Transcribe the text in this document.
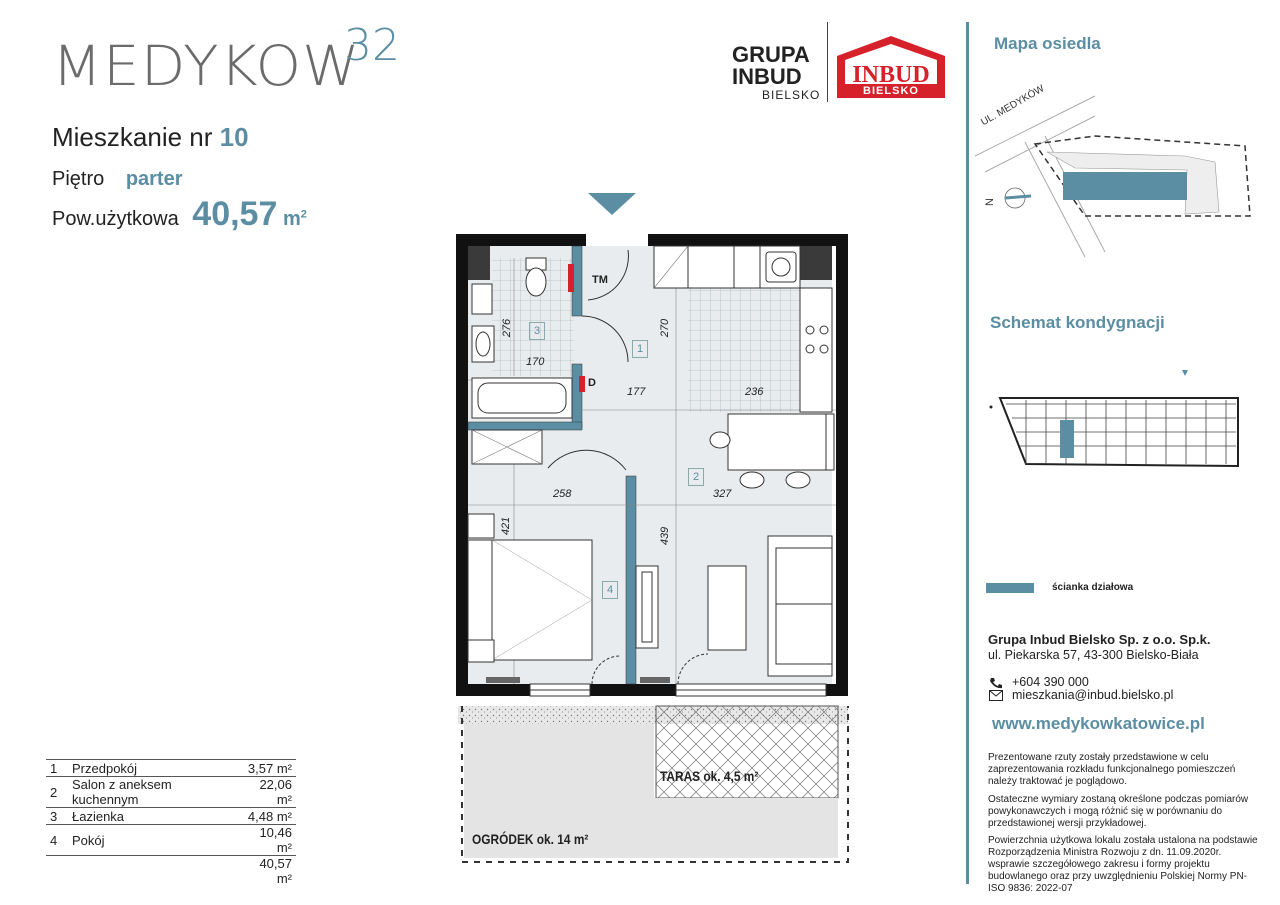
MEDYKOW
32	GRUPA
INBUD
BIELSKO
INBUD
BIELSKO
Mieszkanie nr 10
Piętro parter
Pow.użytkowa 40,57 $m^2$
1	Przedpokój	3,57 m²
2	Salon z aneksem kuchennym	22,06 m²
3	Łazienka	4,48 m²
4	Pokój	10,46 m²
		40,57 m²
TM
D
276
170
270
177	236
258	327
421
439
1
2
3
4
TARAS ok. 4,5 m²
OGRÓDEK ok. 14 m²
Mapa osiedla
UL. MEDYKÓW
N
Schemat kondygnacji
ścianka działowa
Grupa Inbud Bielsko Sp. z o.o. Sp.k.
ul. Piekarska 57, 43-300 Bielsko-Biała
+604 390 000
mieszkania@inbud.bielsko.pl
www.medykowkatowice.pl
Prezentowane rzuty zostały przedstawione w celu zaprezentowania rozkładu funkcjonalnego pomieszczeń należy traktować je poglądowo.
Ostateczne wymiary zostaną określone podczas pomiarów powykonawczych i mogą różnić się w porównaniu do przedstawionej wersji przykładowej.
Powierzchnia użytkowa lokalu została ustalona na podstawie Rozporządzenia Ministra Rozwoju z dn. 11.09.2020r. wsprawie szczegółowego zakresu i formy projektu budowlanego oraz przy uwzględnieniu Polskiej Normy PN-ISO 9836: 2022-07
